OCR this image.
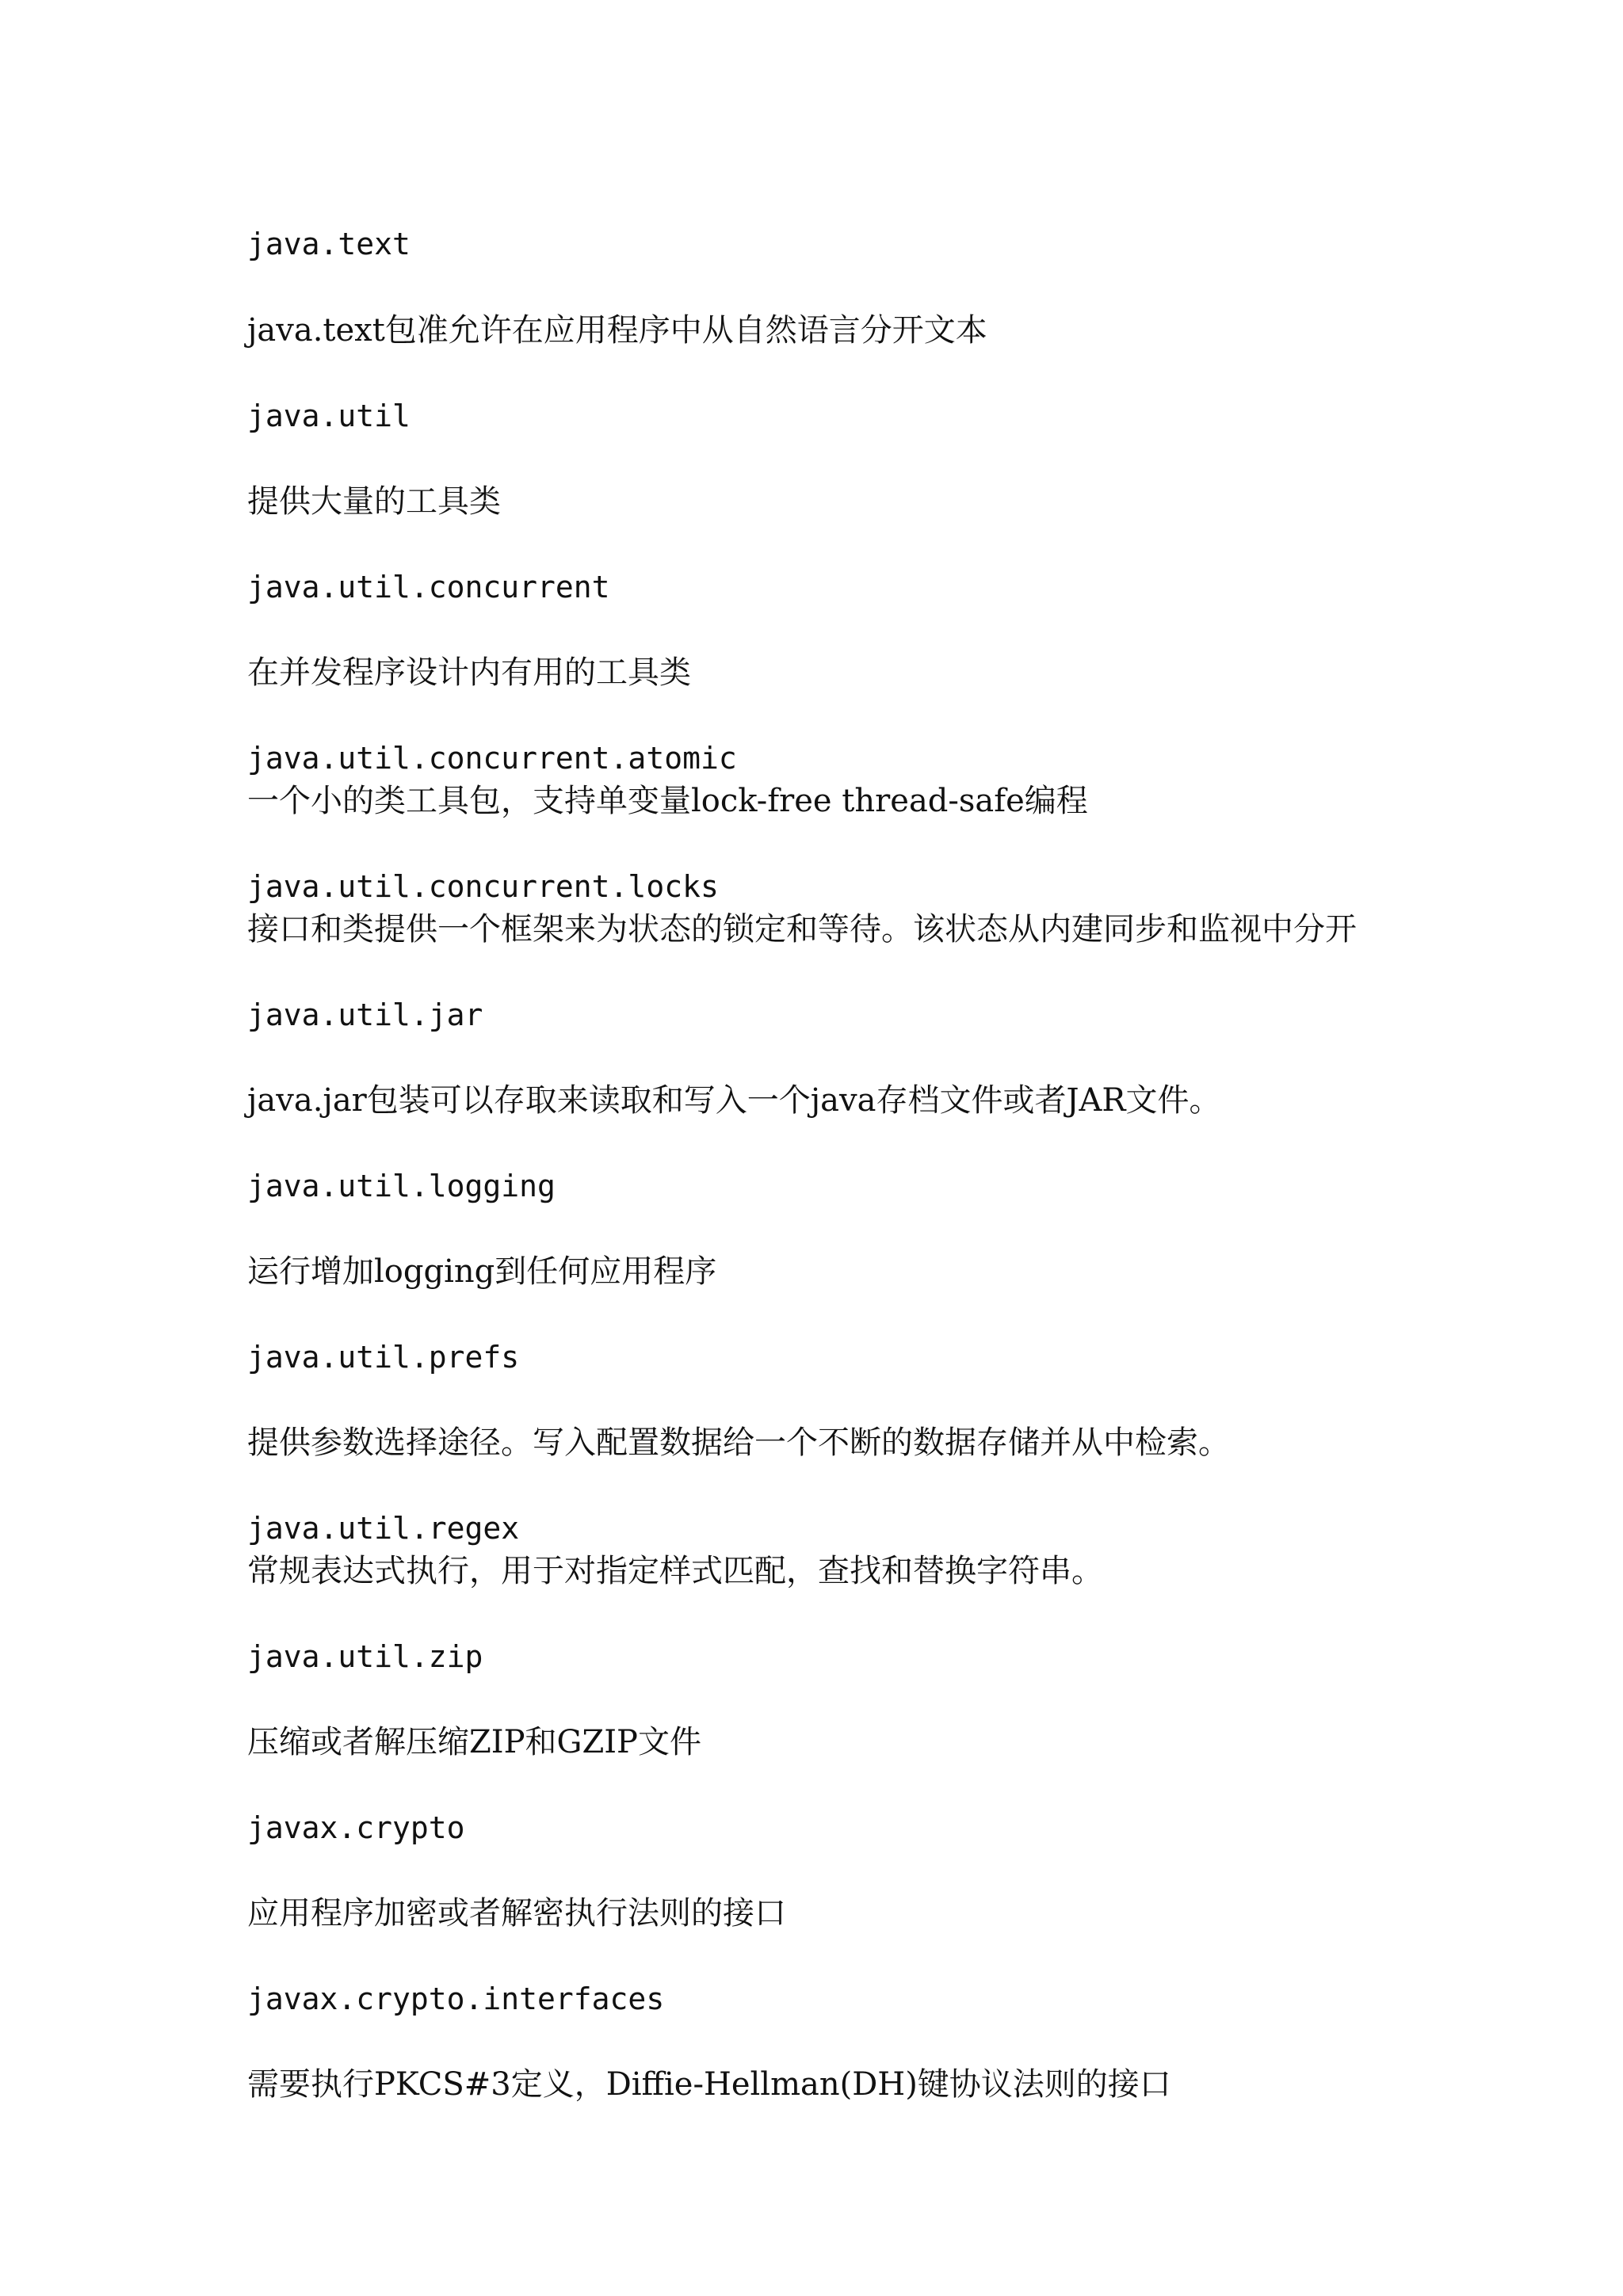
java.text
java.text包准允许在应用程序中从自然语言分开文本
java.util
提供大量的工具类
java.util.concurrent
在并发程序设计内有用的工具类
java.util.concurrent.atomic
一个小的类工具包，支持单变量lock-free thread-safe编程
java.util.concurrent.locks
接口和类提供一个框架来为状态的锁定和等待。该状态从内建同步和监视中分开
java.util.jar
java.jar包装可以存取来读取和写入一个java存档文件或者JAR文件。
java.util.logging
运行增加logging到任何应用程序
java.util.prefs
提供参数选择途径。写入配置数据给一个不断的数据存储并从中检索。
java.util.regex
常规表达式执行，用于对指定样式匹配，查找和替换字符串。
java.util.zip
压缩或者解压缩ZIP和GZIP文件
javax.crypto
应用程序加密或者解密执行法则的接口
javax.crypto.interfaces
需要执行PKCS#3定义，Diffie-Hellman(DH)键协议法则的接口
